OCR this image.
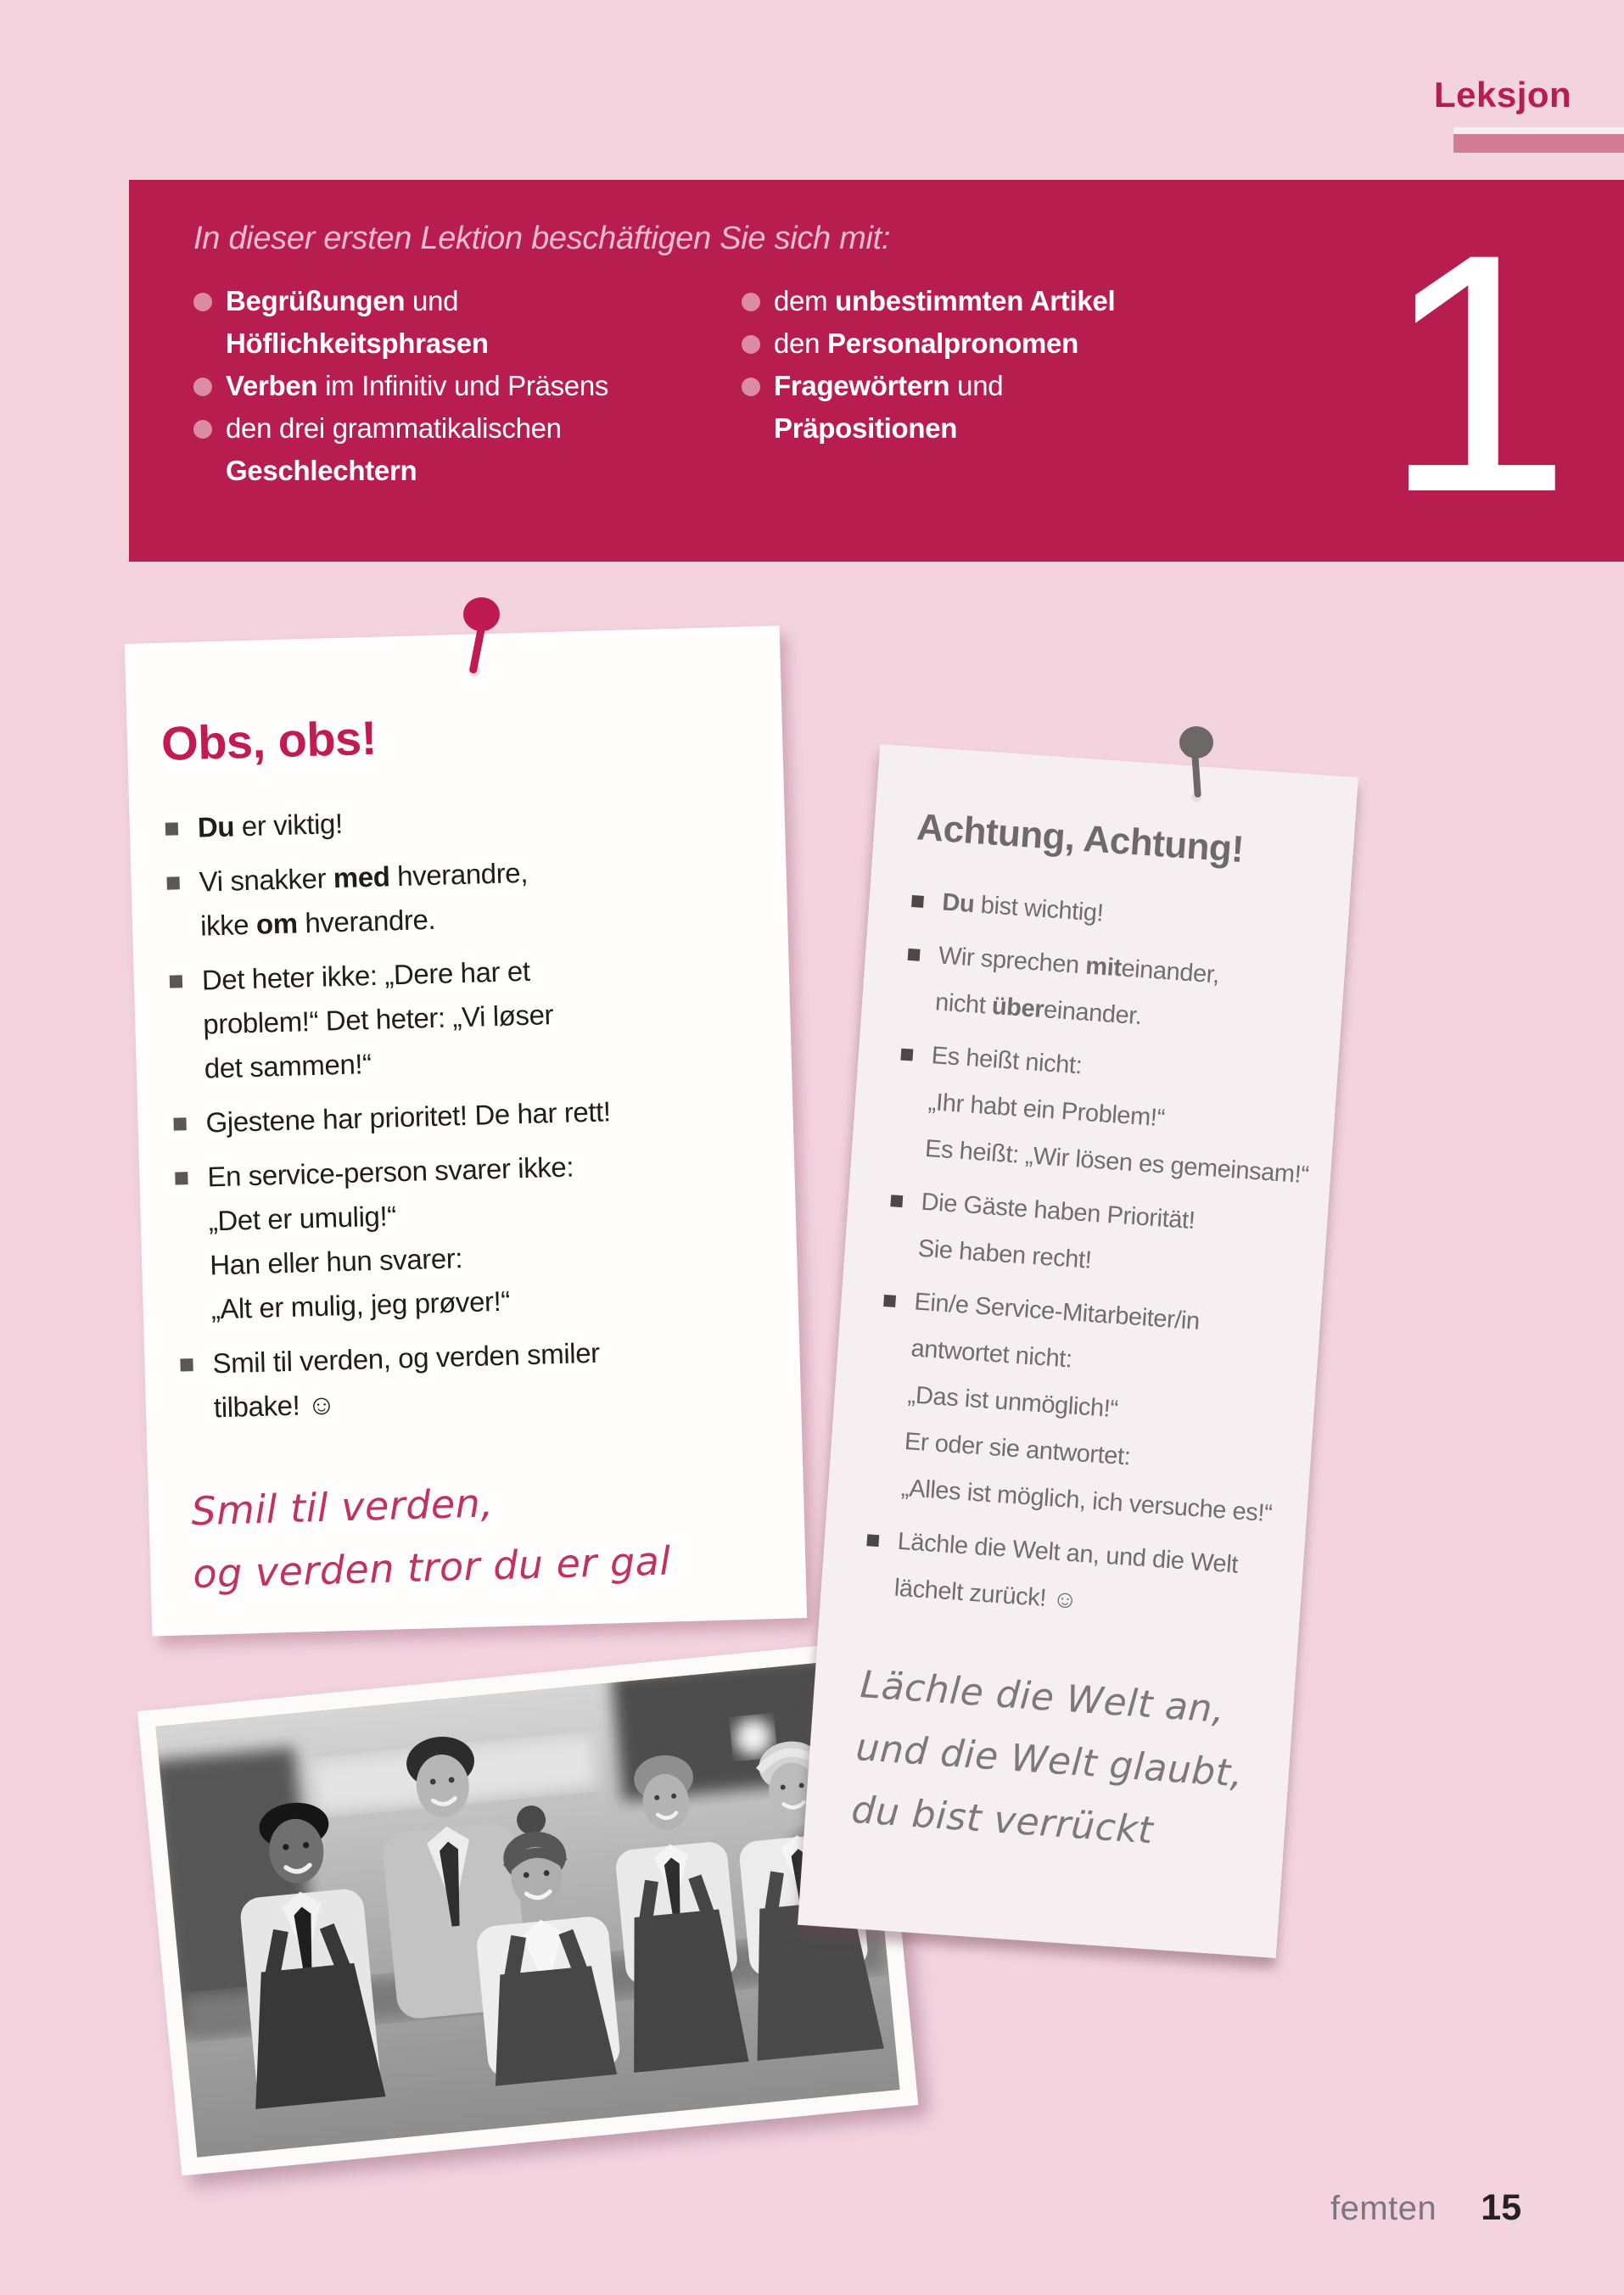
Leksjon
In dieser ersten Lektion beschäftigen Sie sich mit:
Begrüßungen und
Höflichkeitsphrasen
Verben im Infinitiv und Präsens
den drei grammatikalischen
Geschlechtern
dem unbestimmten Artikel
den Personalpronomen
Fragewörtern und
Präpositionen	1
Obs, obs!
Du er viktig!
Vi snakker med hverandre,
ikke om hverandre.
Det heter ikke: „Dere har et
problem!“ Det heter: „Vi løser
det sammen!“
Gjestene har prioritet! De har rett!
En service-person svarer ikke:
„Det er umulig!“
Han eller hun svarer:
„Alt er mulig, jeg prøver!“
Smil til verden, og verden smiler
tilbake! ☺
Smil til verden,
og verden tror du er gal
Achtung, Achtung!
Du bist wichtig!
Wir sprechen miteinander,
nicht übereinander.
Es heißt nicht:
„Ihr habt ein Problem!“
Es heißt: „Wir lösen es gemeinsam!“
Die Gäste haben Priorität!
Sie haben recht!
Ein/e Service-Mitarbeiter/in
antwortet nicht:
„Das ist unmöglich!“
Er oder sie antwortet:
„Alles ist möglich, ich versuche es!“
Lächle die Welt an, und die Welt
lächelt zurück! ☺
Lächle die Welt an,
und die Welt glaubt,
du bist verrückt
femten 15
